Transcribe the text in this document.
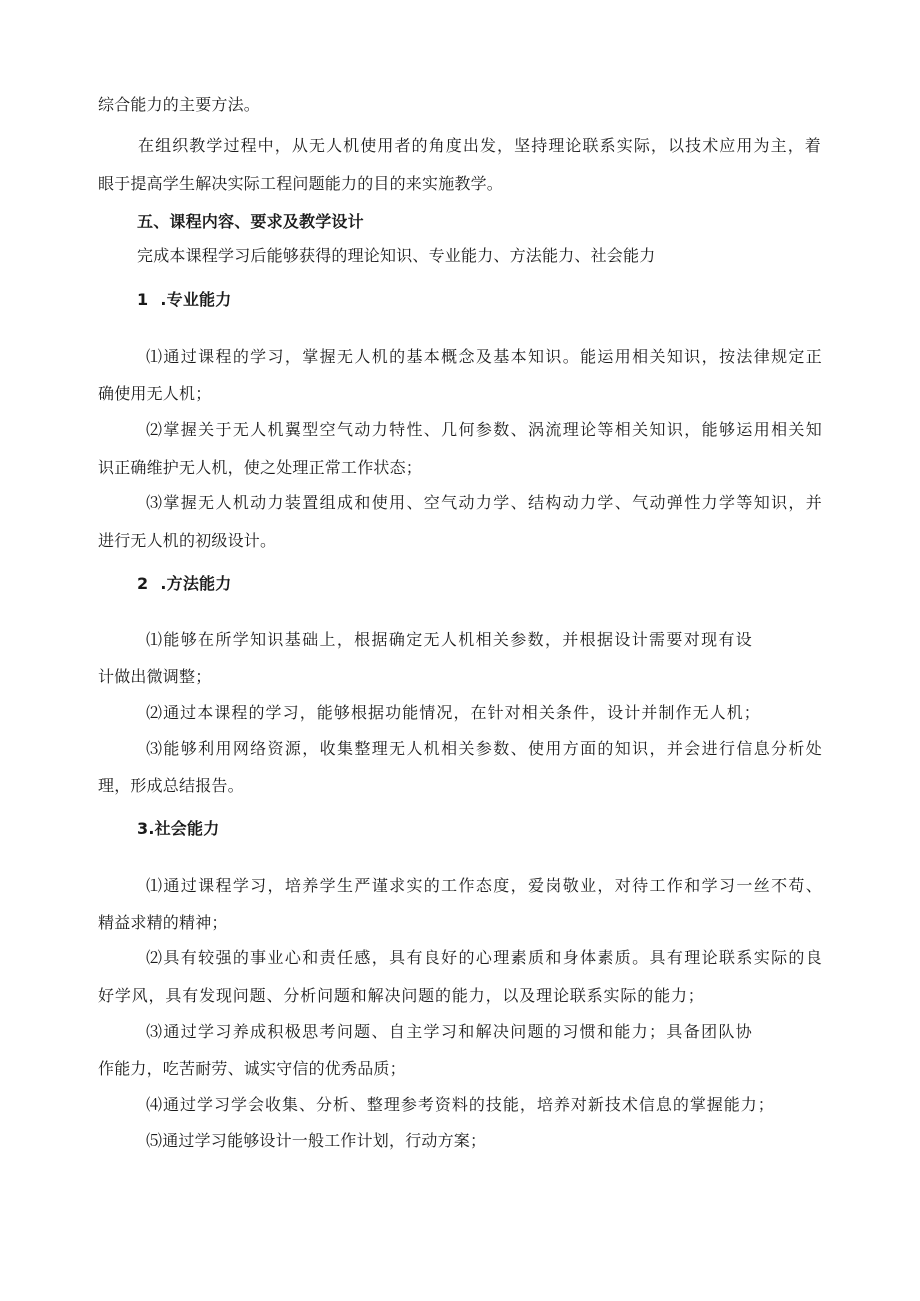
综合能力的主要方法。
在组织教学过程中，从无人机使用者的角度出发，坚持理论联系实际，以技术应用为主，着
眼于提高学生解决实际工程问题能力的目的来实施教学。
五、课程内容、要求及教学设计
完成本课程学习后能够获得的理论知识、专业能力、方法能力、社会能力
1 .专业能力
⑴通过课程的学习，掌握无人机的基本概念及基本知识。能运用相关知识，按法律规定正
确使用无人机；
⑵掌握关于无人机翼型空气动力特性、几何参数、涡流理论等相关知识，能够运用相关知
识正确维护无人机，使之处理正常工作状态；
⑶掌握无人机动力装置组成和使用、空气动力学、结构动力学、气动弹性力学等知识，并
进行无人机的初级设计。
2 .方法能力
⑴能够在所学知识基础上，根据确定无人机相关参数，并根据设计需要对现有设
计做出微调整；
⑵通过本课程的学习，能够根据功能情况，在针对相关条件，设计并制作无人机；
⑶能够利用网络资源，收集整理无人机相关参数、使用方面的知识，并会进行信息分析处
理，形成总结报告。
3.社会能力
⑴通过课程学习，培养学生严谨求实的工作态度，爱岗敬业，对待工作和学习一丝不苟、
精益求精的精神；
⑵具有较强的事业心和责任感，具有良好的心理素质和身体素质。具有理论联系实际的良
好学风，具有发现问题、分析问题和解决问题的能力，以及理论联系实际的能力；
⑶通过学习养成积极思考问题、自主学习和解决问题的习惯和能力；具备团队协
作能力，吃苦耐劳、诚实守信的优秀品质；
⑷通过学习学会收集、分析、整理参考资料的技能，培养对新技术信息的掌握能力；
⑸通过学习能够设计一般工作计划，行动方案；
